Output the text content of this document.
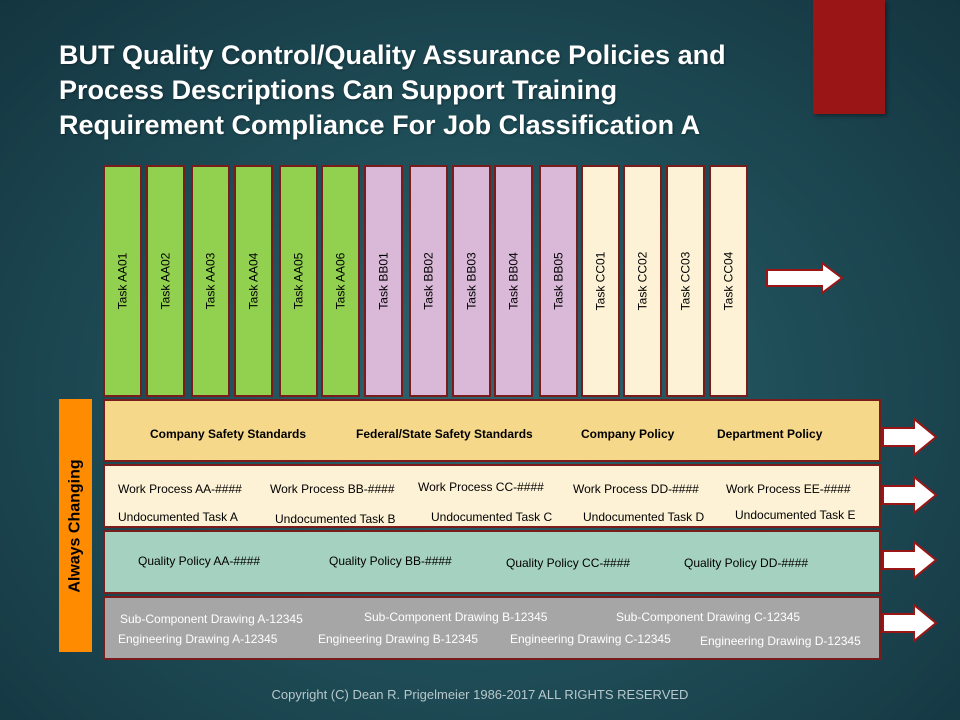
BUT Quality Control/Quality Assurance Policies and
Process Descriptions Can Support Training
Requirement Compliance For Job Classification A
Task AA01 Task AA02	Task AA03 Task AA04	Task AA05 Task AA06 Task BB01	Task BB02 Task BB03 Task BB04	Task BB05 Task CC01 Task CC02 Task CC03 Task CC04
Always Changing
Company Safety Standards	Federal/State Safety Standards	Company Policy	Department Policy
Work Process AA-#### Work Process BB-#### Work Process CC-#### Work Process DD-#### Work Process EE-####
Undocumented Task A	Undocumented Task B	Undocumented Task C	Undocumented Task D	Undocumented Task E
Quality Policy AA-####	Quality Policy BB-####	Quality Policy CC-####	Quality Policy DD-####
Sub-Component Drawing A-12345	Sub-Component Drawing B-12345	Sub-Component Drawing C-12345
Engineering Drawing A-12345	Engineering Drawing B-12345	Engineering Drawing C-12345 Engineering Drawing D-12345
Copyright (C) Dean R. Prigelmeier 1986-2017 ALL RIGHTS RESERVED
